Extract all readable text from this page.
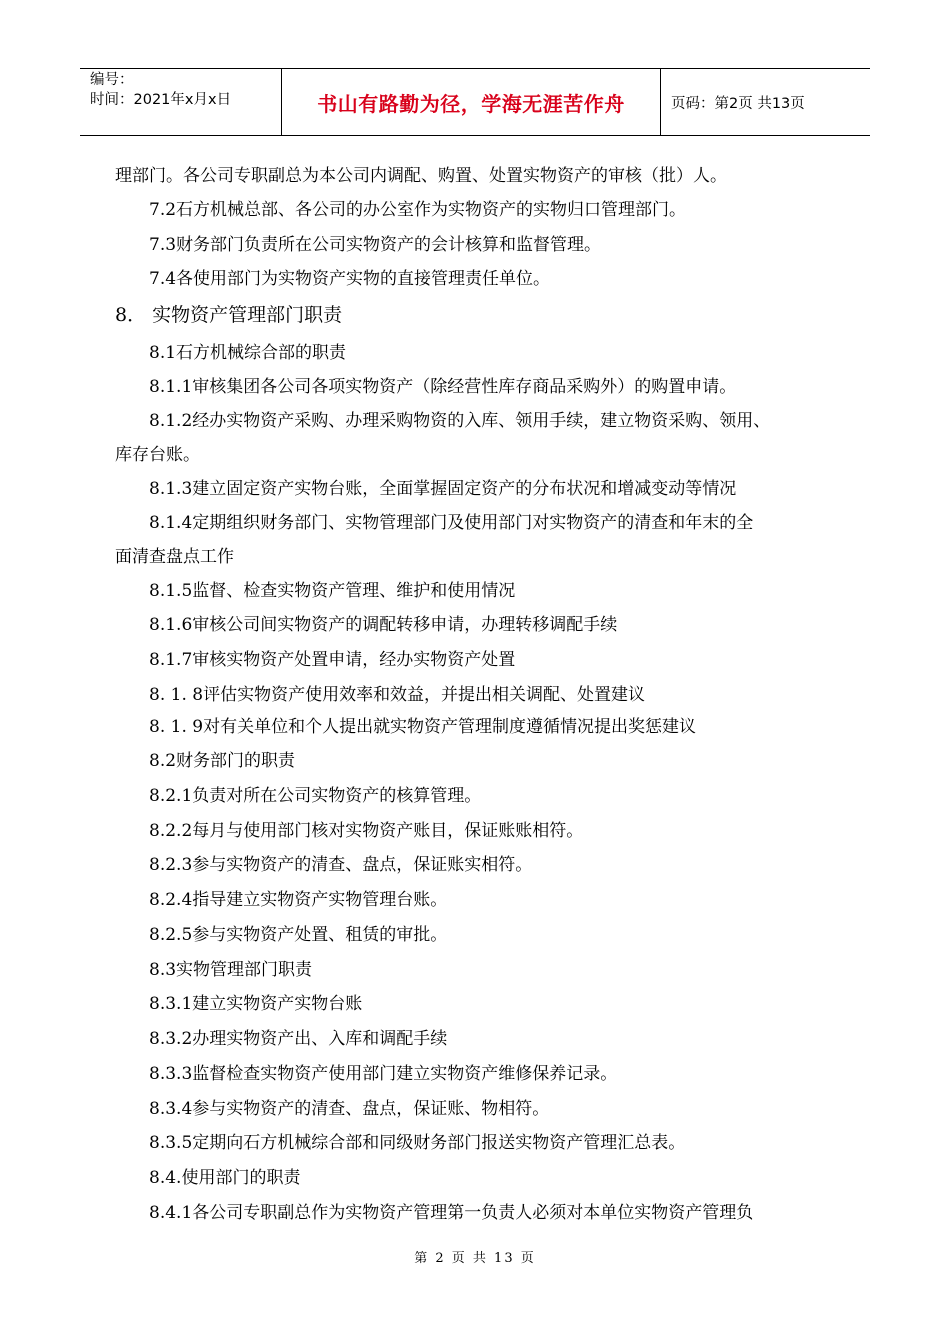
编号：
时间：2021年x月x日	书山有路勤为径，学海无涯苦作舟	页码：第2页 共13页
理部门。各公司专职副总为本公司内调配、购置、处置实物资产的审核（批）人。
7.2石方机械总部、各公司的办公室作为实物资产的实物归口管理部门。
7.3财务部门负责所在公司实物资产的会计核算和监督管理。
7.4各使用部门为实物资产实物的直接管理责任单位。
8． 实物资产管理部门职责
8.1石方机械综合部的职责
8.1.1审核集团各公司各项实物资产（除经营性库存商品采购外）的购置申请。
8.1.2经办实物资产采购、办理采购物资的入库、领用手续，建立物资采购、领用、
库存台账。
8.1.3建立固定资产实物台账，全面掌握固定资产的分布状况和增减变动等情况
8.1.4定期组织财务部门、实物管理部门及使用部门对实物资产的清查和年末的全
面清查盘点工作
8.1.5监督、检查实物资产管理、维护和使用情况
8.1.6审核公司间实物资产的调配转移申请，办理转移调配手续
8.1.7审核实物资产处置申请，经办实物资产处置
8. 1. 8评估实物资产使用效率和效益，并提出相关调配、处置建议
8. 1. 9对有关单位和个人提出就实物资产管理制度遵循情况提出奖惩建议
8.2财务部门的职责
8.2.1负责对所在公司实物资产的核算管理。
8.2.2每月与使用部门核对实物资产账目，保证账账相符。
8.2.3参与实物资产的清查、盘点，保证账实相符。
8.2.4指导建立实物资产实物管理台账。
8.2.5参与实物资产处置、租赁的审批。
8.3实物管理部门职责
8.3.1建立实物资产实物台账
8.3.2办理实物资产出、入库和调配手续
8.3.3监督检查实物资产使用部门建立实物资产维修保养记录。
8.3.4参与实物资产的清查、盘点，保证账、物相符。
8.3.5定期向石方机械综合部和同级财务部门报送实物资产管理汇总表。
8.4.使用部门的职责
8.4.1各公司专职副总作为实物资产管理第一负责人必须对本单位实物资产管理负
第 2 页 共 13 页
